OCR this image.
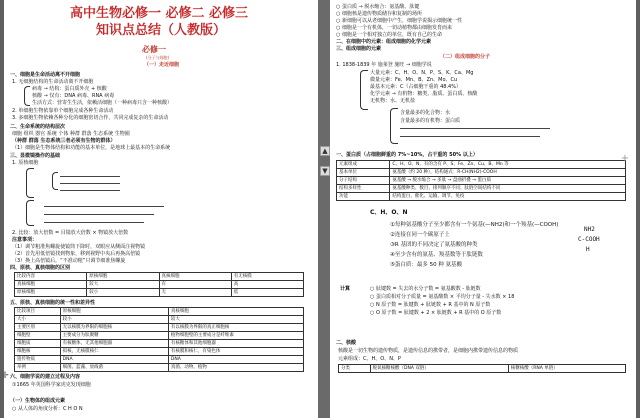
高中生物必修一 必修二 必修三
知识点总结（人教版）
必修一
(分子与细胞)
（一）走近细胞
一、细胞是生命活动离不开细胞
1. 无细胞结构的生命活动离不开细胞
病毒 → 结构：蛋白质外壳 + 核酸
核酸 → 仅有：DNA 病毒、RNA 病毒
生活方式：营寄生生活，依赖活细胞（一种病毒只含一种核酸）
2. 单细胞生物依靠单个细胞完成各种生命活动
3. 多细胞生物依赖各种分化的细胞密切合作，共同完成复杂的生命活动
二、生命系统的结构层次
细胞 组织 器官 系统 个体 种群 群落 生态系统 生物圈
（种群 群落 生态系统三者必须有生物的群体）
（1）细胞是生物体结构和功能的基本单位，是地球上最基本的生命系统
三、显微镜操作的基础
1. 原核细胞
2. 比较：放大倍数 = 目镜放大倍数 × 物镜放大倍数
注意事项：
（1）调节粗准焦螺旋使镜筒下降时，双眼应从侧面注视物镜
（2）首先用低倍镜找到物象，移到视野中央后再换高倍镜
（3）换上高倍镜后，“不准动粗”只调节细准焦螺旋
四、原核、真核细胞的区别
比较内容	原核细胞	真核细胞	有无核膜
真核细胞	较大	有	高
原核细胞	较小	无	低
五、原核、真核细胞的统一性和差异性
比较项目	原核细胞	真核细胞
大小	较小	较大
主要区别	无以核膜为界限的细胞核	有以核膜为界限的真正细胞核
细胞壁	主要成分为肽聚糖	植物细胞壁的主要成分是纤维素
细胞质	有核糖体，无其他细胞器	有核糖体和其他细胞器
细胞核	拟核，无核膜核仁	有核膜和核仁，有染色体
遗传物质	DNA	DNA
举例	细菌、蓝藻、放线菌	真菌、动物、植物
六、细胞学说的建立过程及内容
①1665 年英国科学家虎克发现细胞
（一）生物体的组成元素
○ 从人体的角度分析：C H O N
○ 蛋白质 → 脱水缩合：氨基酸、肽键
○ 细胞核是遗传物质储存和复制的场所
○ 新细胞可以从老细胞中产生，细胞学说揭示细胞统一性
○ 细胞是一个有机体，一切动植物都由细胞发育而来
○ 细胞是一个相对独立的单位，既有自己的生命
二、在细胞中的元素：组成细胞的化学元素
三、组成细胞的元素
（二）组成细胞的分子
1. 1838-1839 年 施莱登 施旺 → 细胞学说
大量元素：C、H、O、N、P、S、K、Ca、Mg
微量元素：Fe、Mn、B、Zn、Mo、Cu
最基本元素：C（占细胞干重的 48.4%）
化学元素 → 有机物：糖类、脂质、蛋白质、核酸
无机物：水、无机盐
含量最多的化合物：水
含量最多的有机物：蛋白质
一、蛋白质（占细胞鲜重的 7%~10%，占干重的 50% 以上）
元素组成	C、H、O、N，有的含有 P、S、Fe、Zn、Cu、B、Mn 等
基本单位	氨基酸（约 20 种），结构通式：R-CH(NH2)-COOH
分子结构	氨基酸 → 脱水缩合 → 多肽 → 盘曲折叠 → 蛋白质
结构多样性	氨基酸种类、数目、排列顺序不同；肽链空间结构不同
功能	结构蛋白、催化、运输、调节、免疫
C、H、O、N
①每种氨基酸分子至少都含有一个氨基(—NH2)和一个羧基(—COOH)
②连接在同一个碳原子上
③R 基团的不同决定了氨基酸的种类
④至少含有的氨基、羧基数等于肽链数
⑤蛋白质：最多 50 种 氨基酸
NH2
C-COOH
H
计算	○ 肽键数 = 失去的水分子数 = 氨基酸数 - 肽链数
○ 蛋白质相对分子质量 = 氨基酸数 × 平均分子量 - 失水数 × 18
○ N 原子数 = 肽键数 + 肽链数 + R 基中的 N 原子数
○ O 原子数 = 肽键数 + 2 × 肽链数 + R 基中的 O 原子数
二、核酸
核酸是一切生物的遗传物质，是遗传信息的携带者，是细胞内携带遗传信息的物质
元素组成：C、H、O、N、P
分类	脱氧核糖核酸（DNA 双链）	核糖核酸（RNA 单链）
▲
▼
+
✛
